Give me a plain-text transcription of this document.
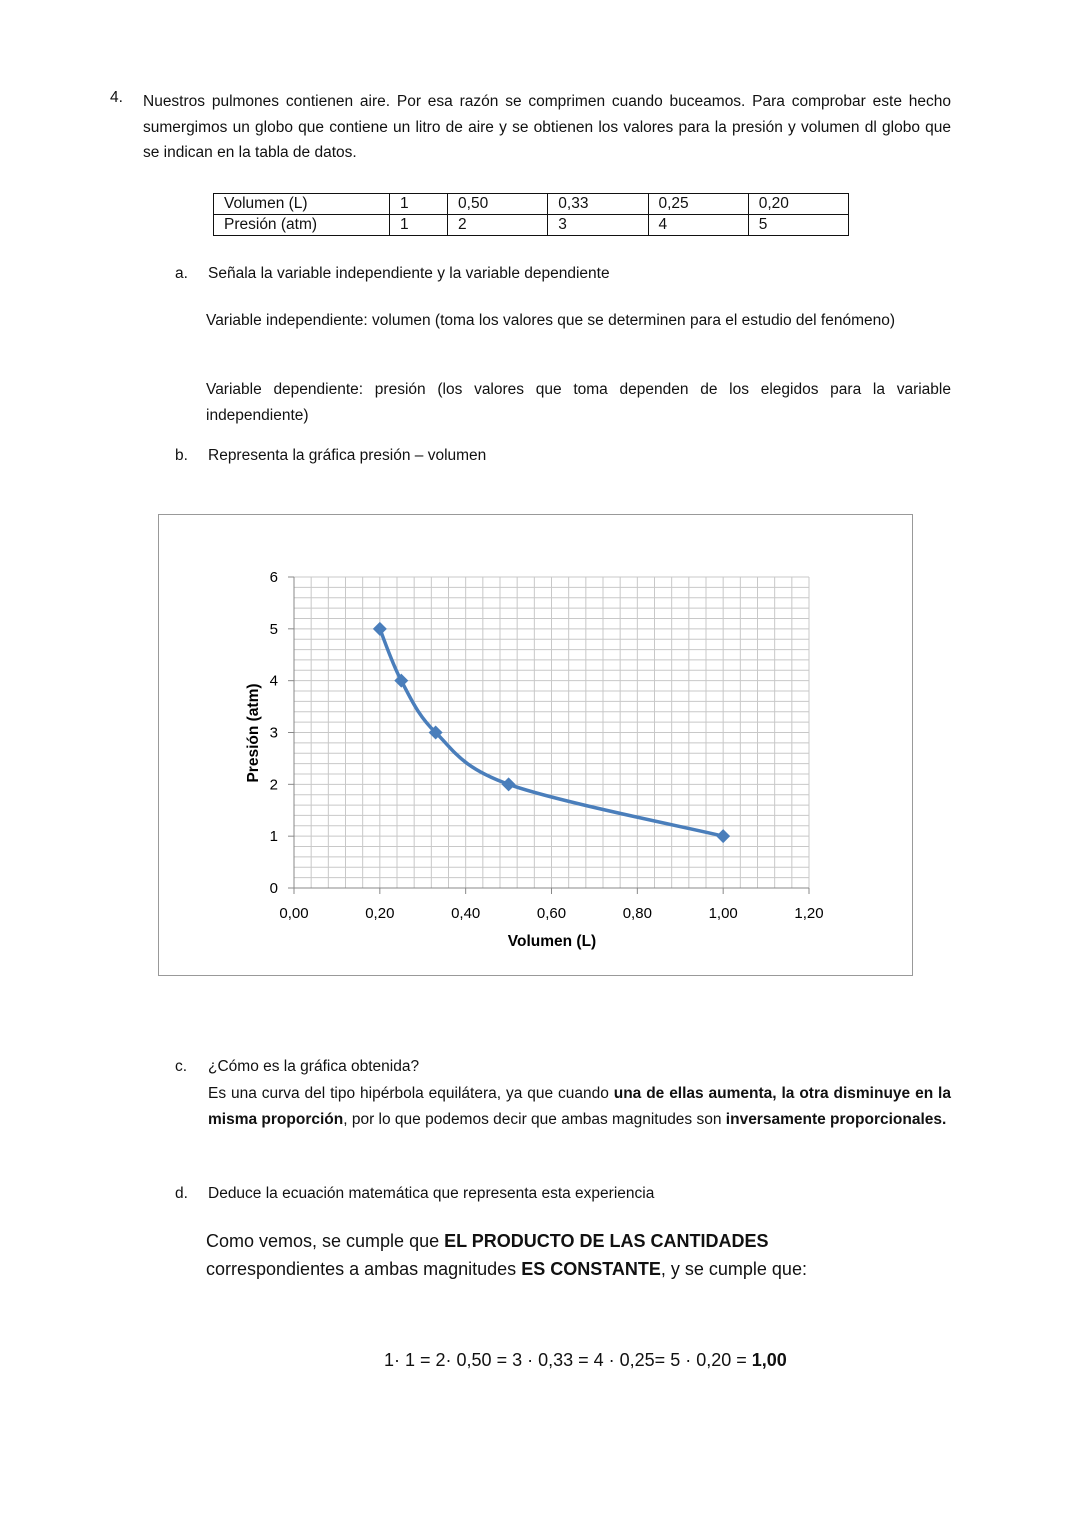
4. Nuestros pulmones contienen aire. Por esa razón se comprimen cuando buceamos. Para comprobar este hecho sumergimos un globo que contiene un litro de aire y se obtienen los valores para la presión y volumen dl globo que se indican en la tabla de datos.
Volumen (L)	1	0,50	0,33	0,25	0,20
Presión (atm)	1	2	3	4	5
a. Señala la variable independiente y la variable dependiente
Variable independiente: volumen (toma los valores que se determinen para el estudio del fenómeno)
Variable dependiente: presión (los valores que toma dependen de los elegidos para la variable independiente)
b. Representa la gráfica presión – volumen
0
1
2
3
4
5
6
0,00	0,20	0,40	0,60	0,80	1,00	1,20
Volumen (L)
Presión (atm)
c. ¿Cómo es la gráfica obtenida?
Es una curva del tipo hipérbola equilátera, ya que cuando una de ellas aumenta, la otra disminuye en la misma proporción, por lo que podemos decir que ambas magnitudes son inversamente proporcionales.
d. Deduce la ecuación matemática que representa esta experiencia
Como vemos, se cumple que EL PRODUCTO DE LAS CANTIDADES correspondientes a ambas magnitudes ES CONSTANTE, y se cumple que:
1· 1 = 2· 0,50 = 3 · 0,33 = 4 · 0,25= 5 · 0,20 = 1,00
